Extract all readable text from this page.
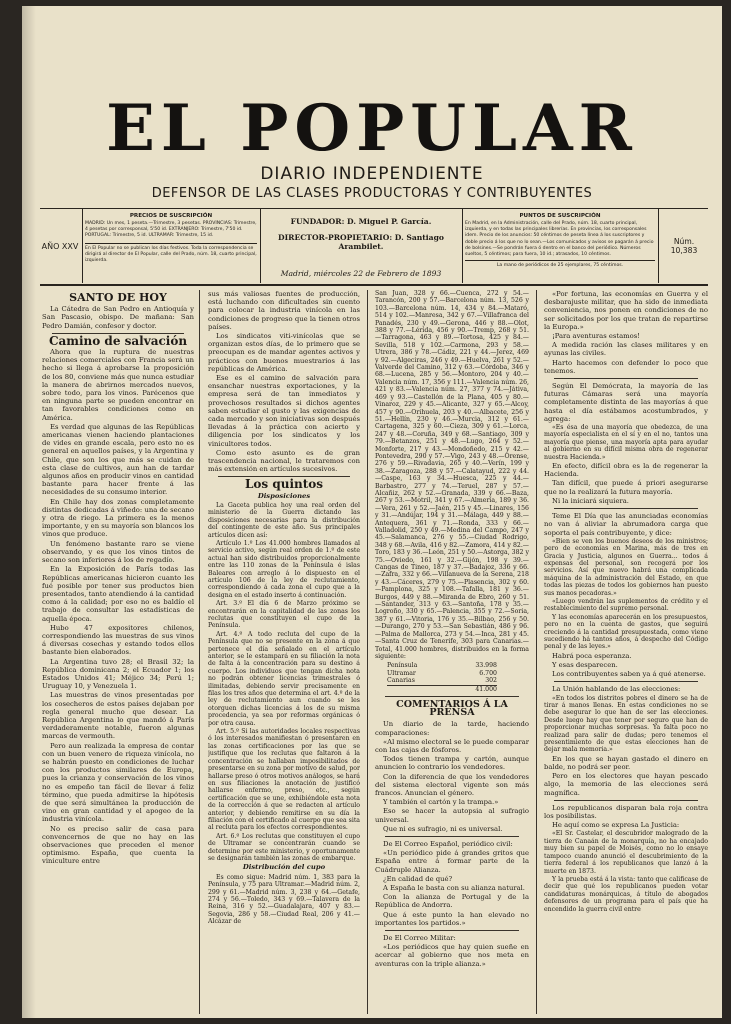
EL POPULAR
DIARIO INDEPENDIENTE
DEFENSOR DE LAS CLASES PRODUCTORAS Y CONTRIBUYENTES
AÑO XXV
PRECIOS DE SUSCRIPCIÓN
MADRID: Un mes, 1 peseta.—Trimestre, 3 pesetas. PROVINCIAS: Trimestre, 4 pesetas por corresponsal, 5'50 id. EXTRANJERO: Trimestre, 7'50 id. PORTUGAL: Trimestre, 5 id. ULTRAMAR: Trimestre, 15 id.
En El Popular no se publican los días festivos. Toda la correspondencia se dirigirá al director de El Popular, calle del Prado, núm. 18, cuarto principal, izquierda.
FUNDADOR: D. Miguel P. García.
DIRECTOR-PROPIETARIO: D. Santiago Arambilet.
Madrid, miércoles 22 de Febrero de 1893
PUNTOS DE SUSCRIPCIÓN
En Madrid, en la Administración, calle del Prado, núm. 18, cuarto principal, izquierda, y en todas las principales librerías. En provincias, los corresponsales idem. Precio de los anuncios: 50 céntimos de peseta línea á los suscriptores y doble precio á los que no lo sean.—Los comunicados y avisos se pagarán á precio de bolsines.—Se pondrán fuera ó dentro en el banco del periódico. Números sueltos, 5 céntimos; para fuera, 10 id.; atrasados, 10 céntimos.
La mano de periódicos de 25 ejemplares, 75 céntimos.
Núm. 10,383
SANTO DE HOY

La Cátedra de San Pedro en Antioquía y San Pascasio, obispo. De mañana: San Pedro Damián, confesor y doctor.

Camino de salvación

Ahora que la ruptura de nuestras relaciones comerciales con Francia será un hecho si llega á aprobarse la proposición de los 80, conviene más que nunca estudiar la manera de abrirnos mercados nuevos, sobre todo, para los vinos. Parécenos que en ninguna parte se pueden encontrar en tan favorables condiciones como en América.

Es verdad que algunas de las Repúblicas americanas vienen haciendo plantaciones de vides en grande escala, pero esto no es general en aquellos países, y la Argentina y Chile, que son los que más se cuidan de esta clase de cultivos, aun han de tardar algunos años en producir vinos en cantidad bastante para hacer frente á las necesidades de su consumo interior.

En Chile hay dos zonas completamente distintas dedicadas á viñedo: una de secano y otra de riego. La primera es la menos importante, y en su mayoría son blancos los vinos que produce.

Un fenómeno bastante raro se viene observando, y es que los vinos tintos de secano son inferiores á los de regadío.

En la Exposición de París todas las Repúblicas americanas hicieron cuanto les fué posible por tener sus productos bien presentados, tanto atendiendo á la cantidad como á la calidad; por eso no es baldío el trabajo de consultar las estadísticas de aquella época.

Hubo 47 expositores chilenos, correspondiendo las muestras de sus vinos á diversas cosechas y estando todos ellos bastante bien elaborados.

La Argentina tuvo 28; el Brasil 32; la República dominicana 2; el Ecuador 1; los Estados Unidos 41; Méjico 34; Perú 1; Uruguay 10, y Venezuela 1.

Las muestras de vinos presentadas por los cosecheros de estos países dejaban por regla general mucho que desear. La República Argentina lo que mandó á París verdaderamente notable, fueron algunas marcas de vermouth.

Pero aun realizada la empresa de contar con un buen venero de riqueza vinícola, no se habrán puesto en condiciones de luchar con los productos similares de Europa, pues la crianza y conservación de los vinos no es empeño tan fácil de llevar á feliz término, que pueda admitirse la hipótesis de que será simultánea la producción de vino en gran cantidad y el apogeo de la industria vinícola.

No es preciso salir de casa para convencernos de que no hay en las observaciones que preceden el menor optimismo. España, que cuenta la viniculture entre

sus más valiosas fuentes de producción, está luchando con dificultades sin cuento para colocar la industria vinícola en las condiciones de progreso que la tienen otros países.

Los sindicatos viti-vinícolas que se organizan estos días, de lo primero que se preocupan es de mandar agentes activos y prácticos con buenos muestrarios á las repúblicas de América.

Ese es el camino de salvación para ensanchar nuestras exportaciones, y la empresa será de tan inmediatos y provechosos resultados si dichos agentes saben estudiar el gusto y las exigencias de cada mercado y son iniciativas son después llevadas á la práctica con acierto y diligencia por los sindicatos y los vinicultores todos.

Como esto asunto es de gran trascendencia nacional, le trataremos con más extensión en artículos sucesivos.

Los quintos
Disposiciones

La Gaceta publica hoy una real orden del ministerio de la Guerra dictando las disposiciones necesarias para la distribución del contingente de este año. Sus principales artículos dicen así:

Artículo 1.º Los 41.000 hombres llamados al servicio activo, según real orden de 1.º de este actual han sido distribuidos proporcionalmente entre las 110 zonas de la Península é islas Baleares con arreglo á lo dispuesto en el artículo 106 de la ley de reclutamiento, correspondiendo á cada zona el cupo que a la designa en el estado inserto á continuación.

Art. 3.º El día 6 de Marzo próximo se encontrarán en la capitalidad de las zonas los reclutas que constituyen el cupo de la Península.

Art. 4.º A todo recluta del cupo de la Península que no se presente en la zona á que pertenece el día señalado en el artículo anterior, se le estampará en su filiación la nota de falta á la concentración para su destino á cuerpo. Los individuos que tengan dicha nota no podrán obtener licencias trimestrales ó ilimitadas, debiendo servir precisamente en filas los tres años que determina el art. 4.º de la ley de reclutamiento aun cuando se les otorguen dichas licencias á los de su misma procedencia, ya sea por reformas orgánicas ó por otra causa.

Art. 5.º Si las autoridades locales respectivas ó los interesados manifiestan ó presentaren en las zonas certificaciones por las que se justifique que los reclutas que faltaron á la concentración se hallaban imposibilitados de presentarse en su zona por motivo de salud, por hallarse preso ó otros motivos análogos, se hará en sus filiaciones la anotación de justificó hallarse enfermo, preso, etc., según certificación que se une, exhibiéndole esta nota de la corrección á que se redacten al artículo anterior, y debiendo remitirse en su día la filiación con el certificado al cuerpo que sea sita al recluta para los efectos correspondientes.

Art. 6.º Los reclutas que constituyen el cupo de Ultramar se concentrarán cuando se determine por este ministerio, y oportunamente se designarán también las zonas de embarque.

Distribución del cupo

Es como sigue: Madrid núm. 1, 383 para la Península, y 75 para Ultramar.—Madrid núm. 2, 299 y 61.—Madrid núm. 3, 238 y 64.—Getafe, 274 y 56.—Toledo, 343 y 69.—Talavera de la Reina, 316 y 52.—Guadalajara, 407 y 83.—Segovia, 286 y 58.—Ciudad Real, 206 y 41.—Alcázar de

San Juan, 328 y 66.—Cuenca, 272 y 54.—Tarancón, 200 y 57.—Barcelona núm. 13, 526 y 103.—Barcelona núm. 14, 434 y 84.—Mataró, 514 y 102.—Manresa, 342 y 67.—Villafranca del Panadés, 230 y 49.—Gerona, 446 y 88.—Olot, 388 y 77.—Lérida, 456 y 90.—Tremp, 268 y 51.—Tarragona, 463 y 89.—Tortosa, 425 y 84.—Sevilla, 518 y 102.—Carmona, 293 y 58.—Utrera, 386 y 78.—Cádiz, 221 y 44.—Jerez, 469 y 92.—Algeciras, 246 y 49.—Huelva, 261 y 52.—Valverde del Camino, 312 y 63.—Córdoba, 346 y 68.—Lucena, 285 y 56.—Montoro, 204 y 40.—Valencia núm. 17, 356 y 111.—Valencia núm. 26, 421 y 83.—Valencia núm. 27, 377 y 74.—Játiva, 469 y 93.—Castellón de la Plana, 405 y 80.—Vinaroz, 229 y 45.—Alicante, 327 y 65.—Alcoy, 457 y 90.—Orihuela, 203 y 40.—Albacete, 256 y 51.—Hellín, 230 y 46.—Murcia, 312 y 61.—Cartagena, 325 y 60.—Cieza, 309 y 61.—Lorca, 247 y 48.—Coruña, 349 y 68.—Santiago, 309 y 79.—Betanzos, 251 y 48.—Lugo, 264 y 52.—Monforte, 217 y 43.—Mondoñedo, 215 y 42.—Pontevedra, 290 y 57.—Vigo, 243 y 48.—Orense, 276 y 59.—Rivadavia, 265 y 40.—Verín, 199 y 38.—Zaragoza, 288 y 57.—Calatayud, 222 y 44.—Caspe, 163 y 34.—Huesca, 225 y 44.—Barbastro, 277 y 74.—Teruel, 287 y 57.—Alcañiz, 262 y 52.—Granada, 339 y 66.—Baza, 267 y 53.—Motril, 341 y 67.—Almería, 189 y 36.—Vera, 261 y 52.—Jaén, 215 y 45.—Linares, 156 y 31.—Andújar, 194 y 31.—Málaga, 449 y 88.—Antequera, 361 y 71.—Ronda, 333 y 66.—Valladolid, 250 y 49.—Medina del Campo, 247 y 45.—Salamanca, 276 y 55.—Ciudad Rodrigo, 348 y 68.—Avila, 416 y 82.—Zamora, 414 y 82.—Toro, 183 y 36.—León, 251 y 50.—Astorga, 382 y 75.—Oviedo, 161 y 32.—Gijón, 198 y 39.—Cangas de Tineo, 187 y 37.—Badajoz, 336 y 66.—Zafra, 332 y 66.—Villanueva de la Serena, 218 y 43.—Cáceres, 279 y 75.—Plasencia, 302 y 60.—Pamplona, 325 y 108.—Tafalla, 181 y 36.—Burgos, 449 y 88.—Miranda de Ebro, 260 y 51.—Santander, 313 y 63.—Santoña, 178 y 35.—Logroño, 330 y 65.—Palencia, 355 y 72.—Soria, 387 y 61.—Vitoria, 176 y 35.—Bilbao, 256 y 50.—Durango, 270 y 53.—San Sebastián, 486 y 96.—Palma de Mallorca, 273 y 54.—Inca, 281 y 45.—Santa Cruz de Tenerife, 303 para Canarias.—Total, 41.000 hombres, distribuidos en la forma siguiente:

Península	33.998
Ultramar	6.700
Canarias	302
41.000
COMENTARIOS Á LA PRENSA

Un diario de la tarde, haciendo comparaciones:

«Al mismo electoral se le puede comparar con las cajas de fósforos.

Todos tienen trampa y cartón, aunque anuncien lo contrario los vendedores.

Con la diferencia de que los vendedores del sistema electoral vigente son más francos. Anuncian el género.

Y también el cartón y la trampa.»

Eso se hacer la autopsia al sufragio universal.

Que ni es sufragio, ni es universal.

De El Correo Español, periódico civil:

«Un periódico pide á grandes gritos que España entre á formar parte de la Cuádruple Alianza.

¿En calidad de qué?

A España le basta con su alianza natural.

Con la alianza de Portugal y de la República de Andorra.

Que á este punto la han elevado no importantes los partidos.»

De El Correo Militar:

«Los periódicos que hay quien sueñe en acercar al gobierno que nos meta en aventuras con la triple alianza.»

«Por fortuna, las economías en Guerra y el desbarajuste militar, que ha sido de inmediata conveniencia, nos ponen en condiciones de no ser solicitados por los que tratan de repartirse la Europa.»

¡Para aventuras estamos!

A medida ración las clases militares y en ayunas las civiles.

Harto hacemos con defender lo poco que tenemos.

Según El Demócrata, la mayoría de las futuras Cámaras será una mayoría completamente distinta de las mayorías á que hasta el día estábamos acostumbrados, y agrega:

«Es ésa de una mayoría que obedezca, de una mayoría especialista en el sí y en el no, tantos una mayoría que piense, una mayoría apta para ayudar al gobierno en su difícil misma obra de regenerar nuestra Hacienda.»

En efecto, difícil obra es la de regenerar la Hacienda.

Tan difícil, que puede á priori asegurarse que no la realizará la futura mayoría.

Ni la iniciará siquiera.

Teme El Día que las anunciadas economías no van á aliviar la abrumadora carga que soporta el país contribuyente, y dice:

«Bien se ven los buenos deseos de los ministros; pero de economías en Marina, más de tres en Gracia y Justicia, algunos en Guerra... todos á expensas del personal, son recogerá por los servicios. Así que nuevo habrá una complicada máquina de la administración del Estado, en que todas las piezas de todos los gobiernos han puesto sus manos pecadoras.»

«Luego vendrán las suplementos de crédito y el restablecimiento del supremo personal.

Y las economías aparecerán en los presupuestos, pero no en la cuenta de gastos, que seguirá creciendo á la cantidad presupuestada, como viene sucediendo há tantos años, á despecho del Código penal y de las leyes.»

Habrá poca esperanza.

Y esas desparecen.

Los contribuyentes saben ya á qué atenerse.

La Unión hablando de las elecciones:

«En todos los distritos pobres el dinero se ha de tirar á manos llenas. En estas condiciones no se debe asegurar lo que han de ser las elecciones. Desde luego hay que tener por seguro que han de proporcionar muchas sorpresas. Ya falta poco no realizad para salir de dudas; pero tenemos el presentimiento de que estas elecciones han de dejar mala memoria.»

En los que se hayan gastado el dinero en balde, no podrá ser peor.

Pero en los electores que hayan pescado algo, la memoria de las elecciones será magnífica.

Los republicanos disparan bala roja contra los posibilistas.

He aquí como se expresa La Justicia:

«El Sr. Castelar, el descubridor malogrado de la tierra de Canaán de la monarquía, no ha encajado muy bien su papel de Moisés, como no lo ensaye tampoco cuando anunció el descubrimiento de la tierra federal á los republicanos que lanzó á la muerte en 1873.

Y la prueba está á la vista: tanto que calificase de decir que qué los republicanos pueden votar candidaturas monárquicas, á título de abogados defensores de un programa para el país que ha encendido la guerra civil entre
